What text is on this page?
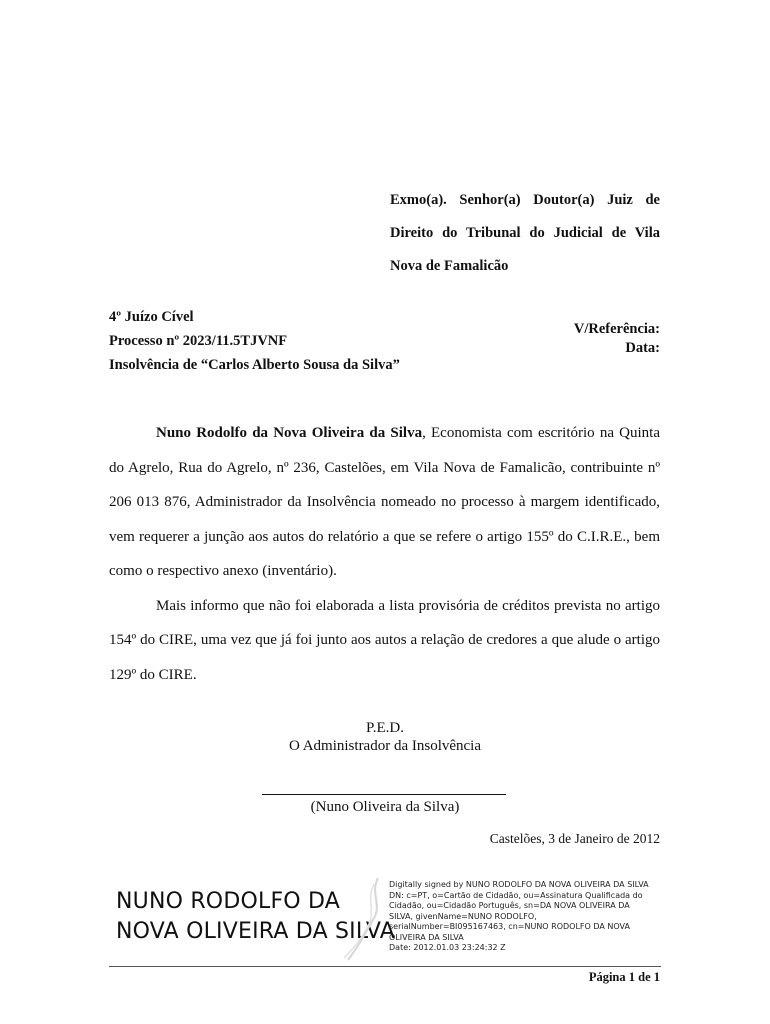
Exmo(a). Senhor(a) Doutor(a) Juiz de
Direito do Tribunal do Judicial de Vila
Nova de Famalicão
4º Juízo Cível
Processo nº 2023/11.5TJVNF
Insolvência de “Carlos Alberto Sousa da Silva”
V/Referência:
Data:

Nuno Rodolfo da Nova Oliveira da Silva, Economista com escritório na Quinta do Agrelo, Rua do Agrelo, nº 236, Castelões, em Vila Nova de Famalicão, contribuinte nº 206 013 876, Administrador da Insolvência nomeado no processo à margem identificado, vem requerer a junção aos autos do relatório a que se refere o artigo 155º do C.I.R.E., bem como o respectivo anexo (inventário).

Mais informo que não foi elaborada a lista provisória de créditos prevista no artigo 154º do CIRE, uma vez que já foi junto aos autos a relação de credores a que alude o artigo 129º do CIRE.

P.E.D.
O Administrador da Insolvência
(Nuno Oliveira da Silva)
Castelões, 3 de Janeiro de 2012
NUNO RODOLFO DA
NOVA OLIVEIRA DA SILVA
Digitally signed by NUNO RODOLFO DA NOVA OLIVEIRA DA SILVA
DN: c=PT, o=Cartão de Cidadão, ou=Assinatura Qualificada do
Cidadão, ou=Cidadão Português, sn=DA NOVA OLIVEIRA DA
SILVA, givenName=NUNO RODOLFO,
serialNumber=BI095167463, cn=NUNO RODOLFO DA NOVA
OLIVEIRA DA SILVA
Date: 2012.01.03 23:24:32 Z
Página 1 de 1
